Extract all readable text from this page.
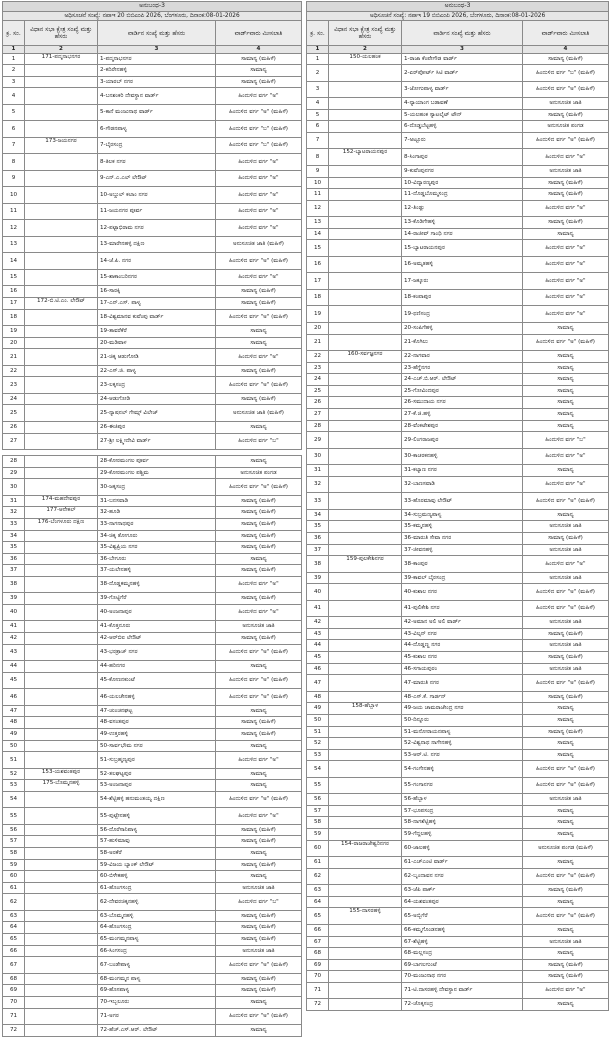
ಅನುಬಂಧ-3			
ಅಧಿಸೂಚನೆ ಸಂಖ್ಯೆ: ನಪಾಇ 20 ಬಿಬಿಎಂಪಿ 2026, ಬೆಂಗಳೂರು, ದಿನಾಂಕ:08-01-2026			
ಕ್ರ. ಸಂ.	ವಿಧಾನ ಸಭಾ ಕ್ಷೇತ್ರ ಸಂಖ್ಯೆ ಮತ್ತು ಹೆಸರು	ವಾರ್ಡಿನ ಸಂಖ್ಯೆ ಮತ್ತು ಹೆಸರು	ವಾರ್ಡ್‌ವಾರು ಮೀಸಲಾತಿ
1	2	3	4
1	171-ಪದ್ಮನಾಭನಗರ	1-ಪದ್ಮನಾಭನಗರ	ಸಾಮಾನ್ಯ (ಮಹಿಳೆ)
2		2-ಕದಿರೇನಹಳ್ಳಿ	ಸಾಮಾನ್ಯ
3		3-ಯಾರಬ್ ನಗರ	ಸಾಮಾನ್ಯ (ಮಹಿಳೆ)
4		4-ಬನಶಂಕರಿ ದೇವಸ್ಥಾನ ವಾರ್ಡ್	ಹಿಂದುಳಿದ ವರ್ಗ "ಅ"
5		5-ಕಾನೆ ಮಂಜುನಾಥ ವಾರ್ಡ್	ಹಿಂದುಳಿದ ವರ್ಗ "ಅ" (ಮಹಿಳೆ)
6		6-ಗೌಡನಪಾಳ್ಯ	ಹಿಂದುಳಿದ ವರ್ಗ "ಬ" (ಮಹಿಳೆ)
7	173-ಜಯನಗರ	7-ಬೈರಸಂದ್ರ	ಹಿಂದುಳಿದ ವರ್ಗ "ಬ" (ಮಹಿಳೆ)
8		8-ತಿಲಕ ನಗರ	ಹಿಂದುಳಿದ ವರ್ಗ "ಅ"
9		9-ಎನ್.ಎ.ಎಲ್ ಲೇಔಟ್	ಹಿಂದುಳಿದ ವರ್ಗ "ಅ"
10		10-ಅಬ್ದುಲ್ ಕಲಾಂ ನಗರ	ಹಿಂದುಳಿದ ವರ್ಗ "ಅ"
11		11-ಜಯನಗರ ಪೂರ್ವ	ಹಿಂದುಳಿದ ವರ್ಗ "ಅ"
12		12-ಪಟ್ಟಾಭಿರಾಮ ನಗರ	ಹಿಂದುಳಿದ ವರ್ಗ "ಅ"
13		13-ಮಾರೇನಹಳ್ಳಿ ದಕ್ಷಿಣ	ಅನುಸೂಚಿತ ಜಾತಿ (ಮಹಿಳೆ)
14		14-ಜೆ.ಪಿ. ನಗರ	ಹಿಂದುಳಿದ ವರ್ಗ "ಅ" (ಮಹಿಳೆ)
15		15-ಶಾಕಾಂಬರಿನಗರ	ಹಿಂದುಳಿದ ವರ್ಗ "ಅ"
16		16-ಸಾರಕ್ಕಿ	ಸಾಮಾನ್ಯ (ಮಹಿಳೆ)
17	172-ಬಿ.ಟಿ.ಎಂ. ಲೇಔಟ್	17-ಎನ್.ಎಸ್. ಪಾಳ್ಯ	ಸಾಮಾನ್ಯ (ಮಹಿಳೆ)
18		18-ವಿಶ್ವಮಾನವ ಕುವೆಂಪು ವಾರ್ಡ್	ಹಿಂದುಳಿದ ವರ್ಗ "ಅ" (ಮಹಿಳೆ)
19		19-ತಾವರೆಕೆರೆ	ಸಾಮಾನ್ಯ
20		20-ಮಡಿವಾಳ	ಸಾಮಾನ್ಯ
21		21-ಚಿಕ್ಕ ಆಡುಗೋಡಿ	ಹಿಂದುಳಿದ ವರ್ಗ "ಅ"
22		22-ಎಸ್.ಜಿ. ಪಾಳ್ಯ	ಸಾಮಾನ್ಯ (ಮಹಿಳೆ)
23		23-ಲಕ್ಕಸಂದ್ರ	ಹಿಂದುಳಿದ ವರ್ಗ "ಅ" (ಮಹಿಳೆ)
24		24-ಆಡುಗೋಡಿ	ಸಾಮಾನ್ಯ (ಮಹಿಳೆ)
25		25-ನ್ಯಾಷನಲ್ ಗೇಮ್ಸ್ ವಿಲೇಜ್	ಅನುಸೂಚಿತ ಜಾತಿ (ಮಹಿಳೆ)
26		26-ಈಜಿಪುರ	ಸಾಮಾನ್ಯ
27		27-ಶ್ರೀ ಲಕ್ಷ್ಮೀದೇವಿ ವಾರ್ಡ್	ಹಿಂದುಳಿದ ವರ್ಗ "ಬ"
28		28-ಕೋರಮಂಗಲ ಪೂರ್ವ	ಸಾಮಾನ್ಯ
29		29-ಕೋರಮಂಗಲ ಪಶ್ಚಿಮ	ಅನುಸೂಚಿತ ಪಂಗಡ
30		30-ಜಕ್ಕಸಂದ್ರ	ಹಿಂದುಳಿದ ವರ್ಗ "ಅ" (ಮಹಿಳೆ)
31	174-ಮಹದೇವಪುರ	31-ಬನಸವಾಡಿ	ಸಾಮಾನ್ಯ (ಮಹಿಳೆ)
32	177-ಆನೇಕಲ್	32-ಹೂಡಿ	ಸಾಮಾನ್ಯ (ಮಹಿಳೆ)
33	176-ಬೆಂಗಳೂರು ದಕ್ಷಿಣ	33-ನಾಗನಾಥಪುರ	ಸಾಮಾನ್ಯ (ಮಹಿಳೆ)
34		34-ಚಿಕ್ಕ ತೋಗೂರು	ಸಾಮಾನ್ಯ (ಮಹಿಳೆ)
35		35-ವಿಶ್ವಪ್ರಿಯ ನಗರ	ಸಾಮಾನ್ಯ (ಮಹಿಳೆ)
36		36-ಬೇಗೂರು	ಸಾಮಾನ್ಯ
37		37-ಯಲೇನಹಳ್ಳಿ	ಸಾಮಾನ್ಯ (ಮಹಿಳೆ)
38		38-ದೊಡ್ಡಕಮ್ಮನಹಳ್ಳಿ	ಹಿಂದುಳಿದ ವರ್ಗ "ಅ"
39		39-ಗೊಟ್ಟಿಗೆರೆ	ಸಾಮಾನ್ಯ (ಮಹಿಳೆ)
40		40-ಅಂಜನಾಪುರ	ಹಿಂದುಳಿದ ವರ್ಗ "ಅ"
41		41-ಕೊತ್ತನೂರು	ಅನುಸೂಚಿತ ಜಾತಿ
42		42-ಆರ್‌ಬಿಐ ಲೇಔಟ್	ಸಾಮಾನ್ಯ (ಮಹಿಳೆ)
43		43-ಭರತ್ರಾಜ್ ನಗರ	ಹಿಂದುಳಿದ ವರ್ಗ "ಅ" (ಮಹಿಳೆ)
44		44-ಹರಿನಗರ	ಸಾಮಾನ್ಯ
45		45-ಕೋಣನಕುಂಟೆ	ಹಿಂದುಳಿದ ವರ್ಗ "ಅ" (ಮಹಿಳೆ)
46		46-ಯಲಚೇನಹಳ್ಳಿ	ಹಿಂದುಳಿದ ವರ್ಗ "ಅ" (ಮಹಿಳೆ)
47		47-ಚುಂಚನಘಟ್ಟ	ಸಾಮಾನ್ಯ
48		48-ವಸಂತಪುರ	ಸಾಮಾನ್ಯ (ಮಹಿಳೆ)
49		49-ಉತ್ತರಹಳ್ಳಿ	ಸಾಮಾನ್ಯ (ಮಹಿಳೆ)
50		50-ಸಾರ್ವಭೌಮ ನಗರ	ಸಾಮಾನ್ಯ
51		51-ಸುಬ್ರಹ್ಮಣ್ಯಪುರ	ಹಿಂದುಳಿದ ವರ್ಗ "ಅ"
52	153-ಯಶವಂತಪುರ	52-ತಲಘಟ್ಟಪುರ	ಸಾಮಾನ್ಯ
53	175-ಬೊಮ್ಮನಹಳ್ಳಿ	53-ಅಂಜನಾಪುರ	ಸಾಮಾನ್ಯ
54		54-ಶೆಟ್ಟಿಹಳ್ಳಿ ಹನುಮಂತಯ್ಯ ದಕ್ಷಿಣ	ಹಿಂದುಳಿದ ವರ್ಗ "ಅ" (ಮಹಿಳೆ)
55		55-ಪುಟ್ಟೇನಹಳ್ಳಿ	ಹಿಂದುಳಿದ ವರ್ಗ "ಅ"
56		56-ದೊರೆಸಾನಿಪಾಳ್ಯ	ಸಾಮಾನ್ಯ (ಮಹಿಳೆ)
57		57-ಹುಳಿಮಾವು	ಸಾಮಾನ್ಯ (ಮಹಿಳೆ)
58		58-ಅರಕೆರೆ	ಸಾಮಾನ್ಯ
59		59-ವಿಜಯ ಬ್ಯಾಂಕ್ ಲೇಔಟ್	ಸಾಮಾನ್ಯ (ಮಹಿಳೆ)
60		60-ಬಿಳೇಕಹಳ್ಳಿ	ಸಾಮಾನ್ಯ
61		61-ಹೊಂಗಸಂದ್ರ	ಅನುಸೂಚಿತ ಜಾತಿ
62		62-ದೇವರಚಿಕ್ಕನಹಳ್ಳಿ	ಹಿಂದುಳಿದ ವರ್ಗ "ಬ"
63		63-ಬೊಮ್ಮನಹಳ್ಳಿ	ಸಾಮಾನ್ಯ (ಮಹಿಳೆ)
64		64-ಹೊಂಗಸಂದ್ರ	ಸಾಮಾನ್ಯ (ಮಹಿಳೆ)
65		65-ಮಂಗಮ್ಮನಪಾಳ್ಯ	ಸಾಮಾನ್ಯ (ಮಹಿಳೆ)
66		66-ಸಿಂಗಸಂದ್ರ	ಅನುಸೂಚಿತ ಜಾತಿ
67		67-ಬಂಡೇಪಾಳ್ಯ	ಹಿಂದುಳಿದ ವರ್ಗ "ಅ" (ಮಹಿಳೆ)
68		68-ಮಂಗಮ್ಮನ ಪಾಳ್ಯ	ಸಾಮಾನ್ಯ (ಮಹಿಳೆ)
69		69-ಹೊಸಪಾಳ್ಯ	ಸಾಮಾನ್ಯ (ಮಹಿಳೆ)
70		70-ಇಬ್ಬಲೂರು	ಸಾಮಾನ್ಯ
71		71-ಅಗರ	ಹಿಂದುಳಿದ ವರ್ಗ "ಅ" (ಮಹಿಳೆ)
72		72-ಹೆಚ್.ಎಸ್.ಆರ್. ಲೇಔಟ್	ಸಾಮಾನ್ಯ
ಅನುಬಂಧ-3			
ಅಧಿಸೂಚನೆ ಸಂಖ್ಯೆ: ನಪಾಇ 19 ಬಿಬಿಎಂಪಿ 2026, ಬೆಂಗಳೂರು, ದಿನಾಂಕ:08-01-2026			
ಕ್ರ. ಸಂ.	ವಿಧಾನ ಸಭಾ ಕ್ಷೇತ್ರ ಸಂಖ್ಯೆ ಮತ್ತು ಹೆಸರು	ವಾರ್ಡಿನ ಸಂಖ್ಯೆ ಮತ್ತು ಹೆಸರು	ವಾರ್ಡ್‌ವಾರು ಮೀಸಲಾತಿ
1	2	3	4
1	150-ಯಲಹಂಕ	1-ರಾಜಾ ಕೆಂಪೇಗೌಡ ವಾರ್ಡ್	ಸಾಮಾನ್ಯ (ಮಹಿಳೆ)
2		2-ಏರ್‌ಪೋರ್ಟ್ ಸಿಟಿ ವಾರ್ಡ್	ಹಿಂದುಳಿದ ವರ್ಗ "ಬ" (ಮಹಿಳೆ)
3		3-ಜೋಗುಪಾಳ್ಯ ವಾರ್ಡ್	ಹಿಂದುಳಿದ ವರ್ಗ "ಅ" (ಮಹಿಳೆ)
4		4-ನ್ಯಾಯಾಂಗ ಬಡಾವಣೆ	ಅನುಸೂಚಿತ ಜಾತಿ
5		5-ಯಲಹಂಕ ಸ್ಯಾಟಲೈಟ್ ಟೌನ್	ಸಾಮಾನ್ಯ (ಮಹಿಳೆ)
6		6-ದೊಡ್ಡಬೆಟ್ಟಹಳ್ಳಿ	ಅನುಸೂಚಿತ ಪಂಗಡ
7		7-ಅಟ್ಟೂರು	ಹಿಂದುಳಿದ ವರ್ಗ "ಅ" (ಮಹಿಳೆ)
8	152-ಬ್ಯಾಟರಾಯನಪುರ	8-ಸಿಂಗಾಪುರ	ಹಿಂದುಳಿದ ವರ್ಗ "ಅ"
9		9-ಕುವೆಂಪುನಗರ	ಅನುಸೂಚಿತ ಜಾತಿ
10		10-ವಿದ್ಯಾರಣ್ಯಪುರ	ಸಾಮಾನ್ಯ (ಮಹಿಳೆ)
11		11-ದೊಡ್ಡಬೊಮ್ಮಸಂದ್ರ	ಸಾಮಾನ್ಯ (ಮಹಿಳೆ)
12		12-ತಿಂಡ್ಲು	ಹಿಂದುಳಿದ ವರ್ಗ "ಅ"
13		13-ಕೊಡಿಗೇಹಳ್ಳಿ	ಸಾಮಾನ್ಯ (ಮಹಿಳೆ)
14		14-ರಾಜೀವ್ ಗಾಂಧಿ ನಗರ	ಸಾಮಾನ್ಯ
15		15-ಬ್ಯಾಟರಾಯನಪುರ	ಹಿಂದುಳಿದ ವರ್ಗ "ಅ"
16		16-ಅಮೃತಹಳ್ಳಿ	ಹಿಂದುಳಿದ ವರ್ಗ "ಅ"
17		17-ಜಕ್ಕೂರು	ಹಿಂದುಳಿದ ವರ್ಗ "ಅ"
18		18-ಕಂಪಾಪುರ	ಹಿಂದುಳಿದ ವರ್ಗ "ಅ"
19		19-ಥಣಿಸಂದ್ರ	ಹಿಂದುಳಿದ ವರ್ಗ "ಅ"
20		20-ಸಂಪಿಗೆಹಳ್ಳಿ	ಸಾಮಾನ್ಯ
21		21-ಕೊಗಿಲು	ಹಿಂದುಳಿದ ವರ್ಗ "ಅ" (ಮಹಿಳೆ)
22	160-ಸರ್ವಜ್ಞನಗರ	22-ನಾಗವಾರ	ಸಾಮಾನ್ಯ
23		23-ಹೆಗ್ಡೆನಗರ	ಸಾಮಾನ್ಯ
24		24-ಎಚ್.ಬಿ.ಆರ್. ಲೇಔಟ್	ಸಾಮಾನ್ಯ
25		25-ಗೋವಿಂದಪುರ	ಸಾಮಾನ್ಯ
26		26-ಸಮುದಾಯ ನಗರ	ಸಾಮಾನ್ಯ
27		27-ಕೆ.ಜಿ.ಹಳ್ಳಿ	ಸಾಮಾನ್ಯ
28		28-ವೆಂಕಟೇಶಪುರ	ಸಾಮಾನ್ಯ
29		29-ಲಿಂಗರಾಜಪುರ	ಹಿಂದುಳಿದ ವರ್ಗ "ಬ"
30		30-ಕಾಚರಕನಹಳ್ಳಿ	ಹಿಂದುಳಿದ ವರ್ಗ "ಅ"
31		31-ಕಲ್ಯಾಣ ನಗರ	ಸಾಮಾನ್ಯ
32		32-ಬಾಣಸವಾಡಿ	ಹಿಂದುಳಿದ ವರ್ಗ "ಅ"
33		33-ಹೊರಮಾವು ಲೇಔಟ್	ಹಿಂದುಳಿದ ವರ್ಗ "ಅ" (ಮಹಿಳೆ)
34		34-ಸುಬ್ರಮಣ್ಯಪಾಳ್ಯ	ಸಾಮಾನ್ಯ
35		35-ಕಮ್ಮನಹಳ್ಳಿ	ಅನುಸೂಚಿತ ಜಾತಿ
36		36-ಮಾರುತಿ ಸೇವಾ ನಗರ	ಸಾಮಾನ್ಯ (ಮಹಿಳೆ)
37		37-ಜೀವನಹಳ್ಳಿ	ಅನುಸೂಚಿತ ಜಾತಿ
38	159-ಪುಲಕೇಶಿನಗರ	38-ಕಾಂಪುರ	ಹಿಂದುಳಿದ ವರ್ಗ "ಅ"
39		39-ಕಾವಲ್ ಬೈರಸಂದ್ರ	ಅನುಸೂಚಿತ ಜಾತಿ
40		40-ಕುಶಾಲ ನಗರ	ಹಿಂದುಳಿದ ವರ್ಗ "ಅ" (ಮಹಿಳೆ)
41		41-ಪುಲಿಕೇಶಿ ನಗರ	ಹಿಂದುಳಿದ ವರ್ಗ "ಅ" (ಮಹಿಳೆ)
42		42-ಅಮಾನ ಅಲಿ ಅಲಿ ವಾರ್ಡ್	ಅನುಸೂಚಿತ ಜಾತಿ
43		43-ವಿಲ್ಸನ್ ನಗರ	ಸಾಮಾನ್ಯ (ಮಹಿಳೆ)
44		44-ದೊಡ್ಡಣ್ಣ ನಗರ	ಅನುಸೂಚಿತ ಜಾತಿ
45		45-ಕುಶಾಲ ನಗರ	ಸಾಮಾನ್ಯ (ಮಹಿಳೆ)
46		46-ಸಗಾಯಪುರಂ	ಅನುಸೂಚಿತ ಜಾತಿ
47		47-ಮಾರುತಿ ನಗರ	ಹಿಂದುಳಿದ ವರ್ಗ "ಅ" (ಮಹಿಳೆ)
48		48-ಎಸ್.ಕೆ. ಗಾರ್ಡನ್	ಸಾಮಾನ್ಯ (ಮಹಿಳೆ)
49	158-ಹೆಬ್ಬಾಳ	49-ಜಯ ಚಾಮರಾಜೇಂದ್ರ ನಗರ	ಸಾಮಾನ್ಯ
50		50-ದಿನ್ನೂರು	ಸಾಮಾನ್ಯ
51		51-ಮನೋರಾಯನಪಾಳ್ಯ	ಸಾಮಾನ್ಯ (ಮಹಿಳೆ)
52		52-ವಿಶ್ವನಾಥ ನಾಗೇನಹಳ್ಳಿ	ಸಾಮಾನ್ಯ
53		53-ಆರ್.ಟಿ. ನಗರ	ಸಾಮಾನ್ಯ
54		54-ಗಂಗೇನಹಳ್ಳಿ	ಹಿಂದುಳಿದ ವರ್ಗ "ಅ" (ಮಹಿಳೆ)
55		55-ಗಂಗಾನಗರ	ಹಿಂದುಳಿದ ವರ್ಗ "ಅ" (ಮಹಿಳೆ)
56		56-ಹೆಬ್ಬಾಳ	ಅನುಸೂಚಿತ ಜಾತಿ
57		57-ಭೂಪಸಂದ್ರ	ಸಾಮಾನ್ಯ
58		58-ನಾಗಶೆಟ್ಟಿಹಳ್ಳಿ	ಸಾಮಾನ್ಯ
59		59-ಗೆದ್ದಲಹಳ್ಳಿ	ಸಾಮಾನ್ಯ
60	154-ರಾಜರಾಜೇಶ್ವರಿನಗರ	60-ಜಾಲಹಳ್ಳಿ	ಅನುಸೂಚಿತ ಪಂಗಡ (ಮಹಿಳೆ)
61		61-ಎಚ್‌ಎಂಟಿ ವಾರ್ಡ್	ಸಾಮಾನ್ಯ
62		62-ಬೃಂದಾವನ ನಗರ	ಹಿಂದುಳಿದ ವರ್ಗ "ಅ" (ಮಹಿಳೆ)
63		63-ಜೆಪಿ ಪಾರ್ಕ್	ಸಾಮಾನ್ಯ (ಮಹಿಳೆ)
64		64-ಯಶವಂತಪುರ	ಸಾಮಾನ್ಯ
65	155-ದಾಸರಹಳ್ಳಿ	65-ಅಬ್ಬಿಗೆರೆ	ಹಿಂದುಳಿದ ವರ್ಗ "ಅ" (ಮಹಿಳೆ)
66		66-ಕಮ್ಮಗೊಂಡನಹಳ್ಳಿ	ಸಾಮಾನ್ಯ
67		67-ಶೆಟ್ಟಿಹಳ್ಳಿ	ಅನುಸೂಚಿತ ಜಾತಿ
68		68-ಮಲ್ಲಸಂದ್ರ	ಸಾಮಾನ್ಯ
69		69-ಬಾಗಲಗುಂಟೆ	ಸಾಮಾನ್ಯ (ಮಹಿಳೆ)
70		70-ಮಂಜುನಾಥ ನಗರ	ಸಾಮಾನ್ಯ (ಮಹಿಳೆ)
71		71-ಟಿ.ದಾಸರಹಳ್ಳಿ ದೇವಸ್ಥಾನ ವಾರ್ಡ್	ಹಿಂದುಳಿದ ವರ್ಗ "ಅ"
72		72-ಚೊಕ್ಕಸಂದ್ರ	ಸಾಮಾನ್ಯ
